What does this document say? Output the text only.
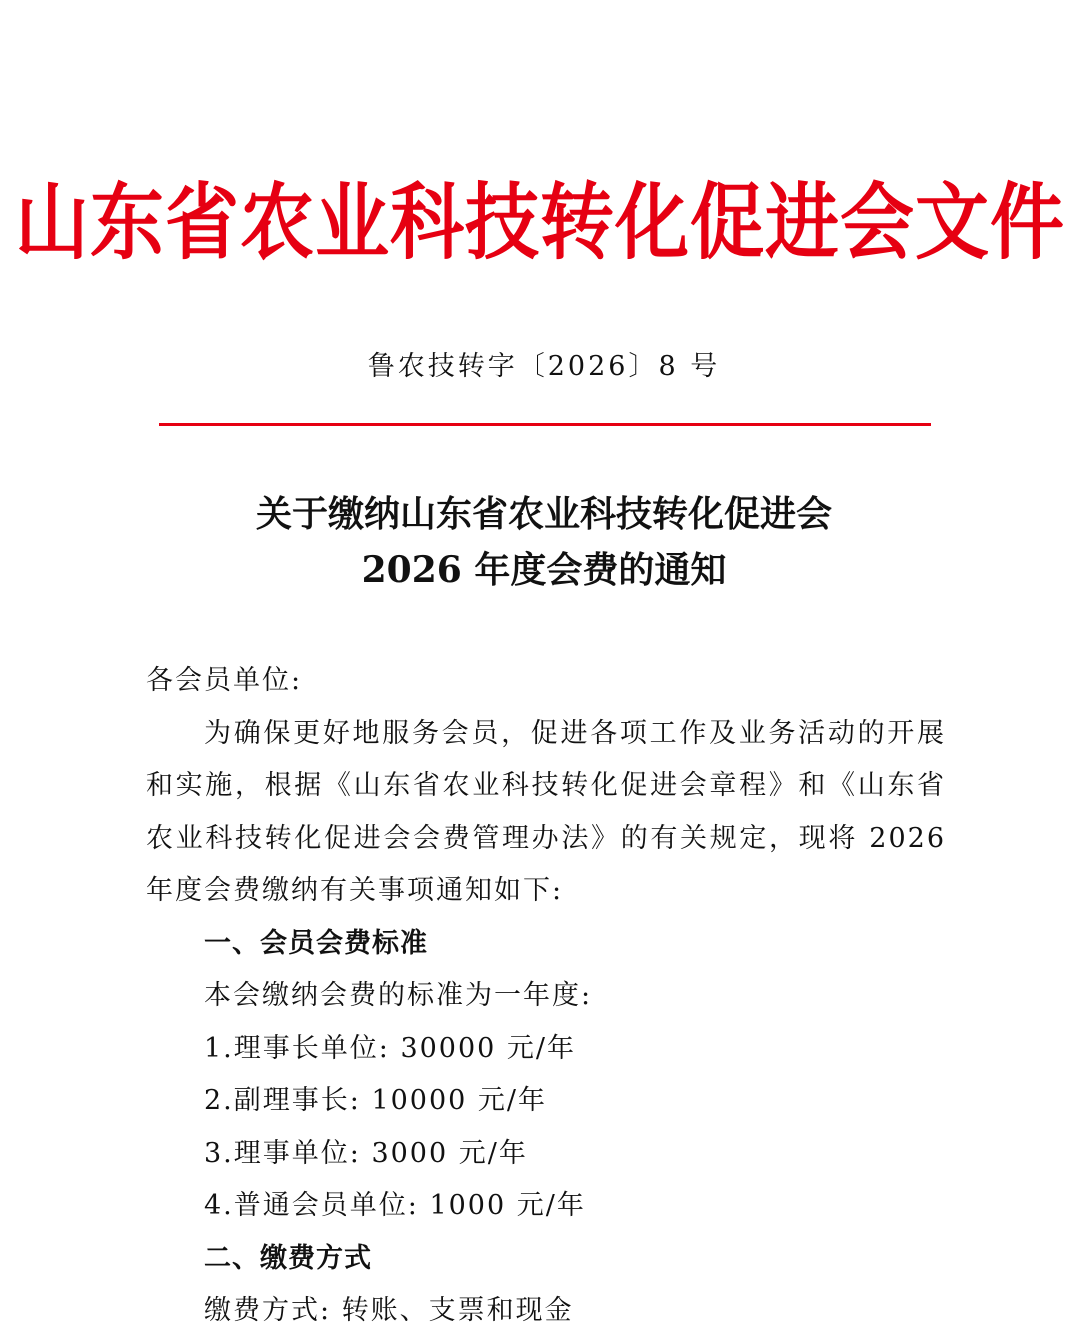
山东省农业科技转化促进会文件
鲁农技转字〔2026〕8 号
关于缴纳山东省农业科技转化促进会
2026 年度会费的通知

各会员单位:

为确保更好地服务会员，促进各项工作及业务活动的开展和实施，根据《山东省农业科技转化促进会章程》和《山东省农业科技转化促进会会费管理办法》的有关规定，现将 2026 年度会费缴纳有关事项通知如下:

一、会员会费标准

本会缴纳会费的标准为一年度:

1.理事长单位: 30000 元/年

2.副理事长: 10000 元/年

3.理事单位: 3000 元/年

4.普通会员单位: 1000 元/年

二、缴费方式

缴费方式: 转账、支票和现金
